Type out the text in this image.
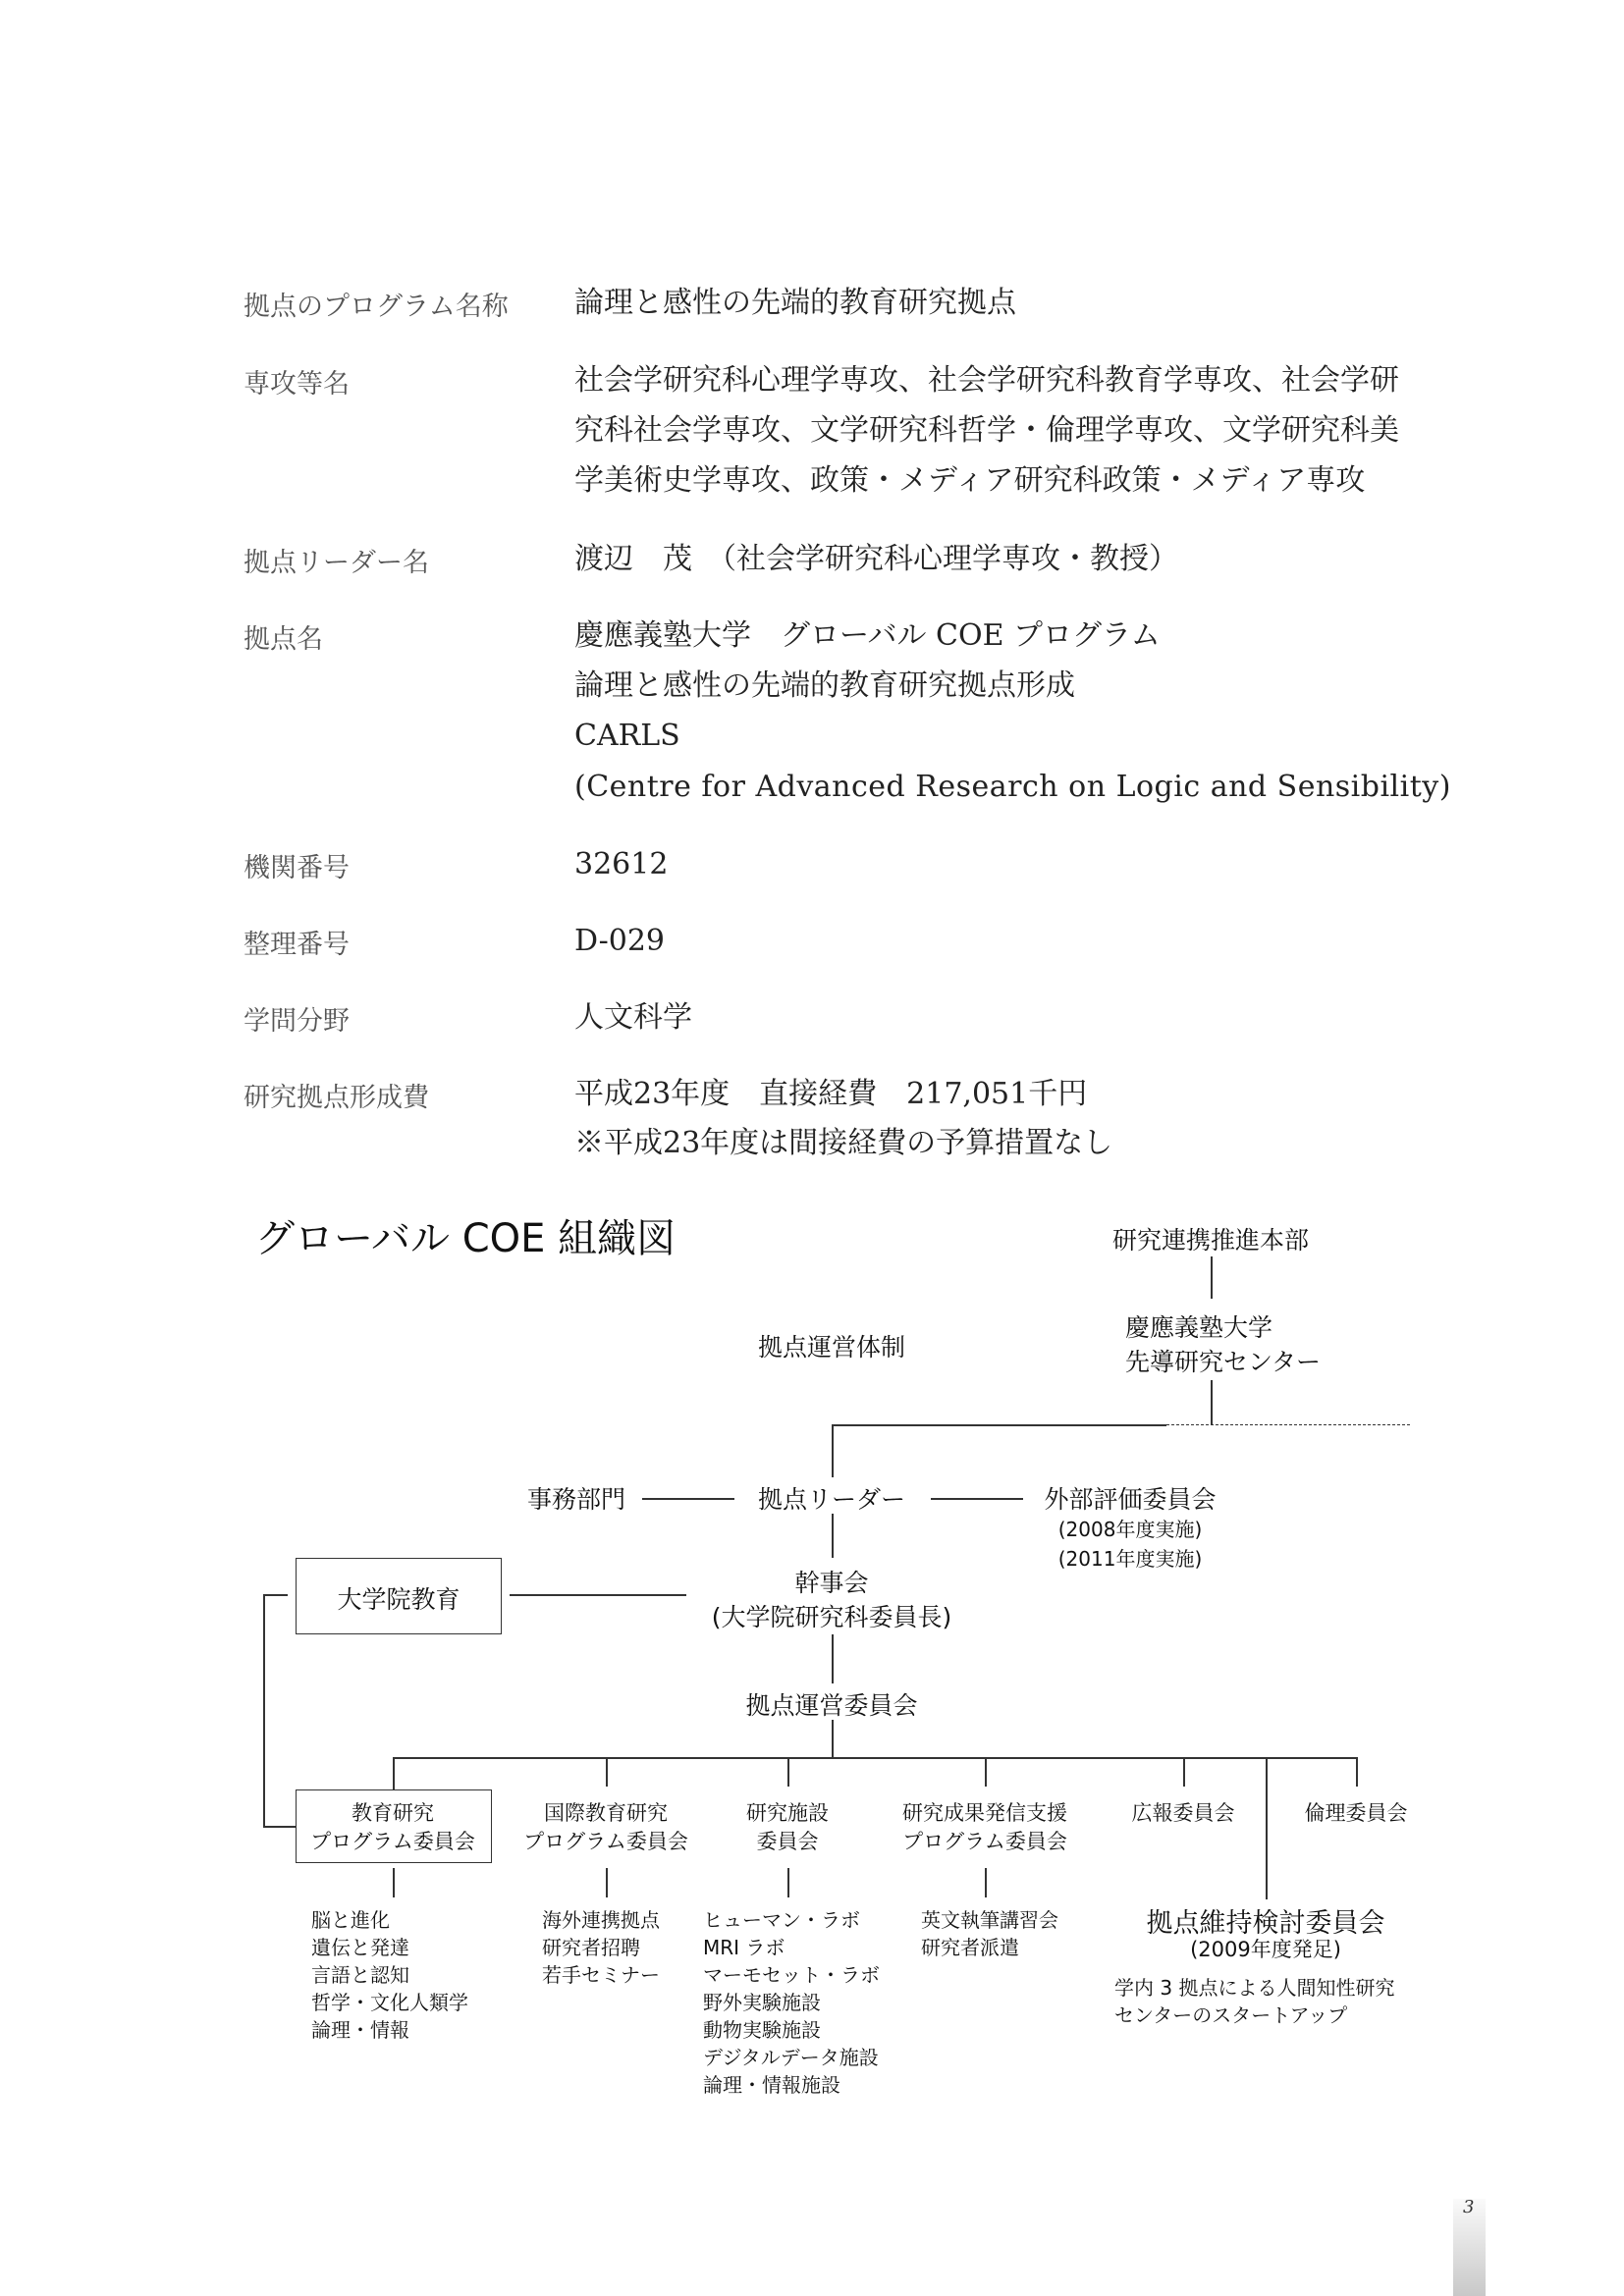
拠点のプログラム名称 論理と感性の先端的教育研究拠点
専攻等名	社会学研究科心理学専攻、社会学研究科教育学専攻、社会学研
究科社会学専攻、文学研究科哲学・倫理学専攻、文学研究科美
学美術史学専攻、政策・メディア研究科政策・メディア専攻
拠点リーダー名	渡辺　茂　（社会学研究科心理学専攻・教授）
拠点名	慶應義塾大学　グローバル COE プログラム
論理と感性の先端的教育研究拠点形成
CARLS
(Centre for Advanced Research on Logic and Sensibility)
機関番号	32612
整理番号	D-029
学問分野	人文科学
研究拠点形成費	平成23年度　直接経費　217,051千円
※平成23年度は間接経費の予算措置なし
グローバル COE 組織図	研究連携推進本部
慶應義塾大学
先導研究センター
拠点運営体制
事務部門	拠点リーダー	外部評価委員会
(2008年度実施)
(2011年度実施)
幹事会
(大学院研究科委員長)
大学院教育
拠点運営委員会
教育研究
プログラム委員会
国際教育研究
プログラム委員会
研究施設
委員会
研究成果発信支援
プログラム委員会
広報委員会	倫理委員会
脳と進化
遺伝と発達
言語と認知
哲学・文化人類学
論理・情報
海外連携拠点
研究者招聘
若手セミナー
ヒューマン・ラボ
MRI ラボ
マーモセット・ラボ
野外実験施設
動物実験施設
デジタルデータ施設
論理・情報施設
英文執筆講習会
研究者派遣
拠点維持検討委員会
(2009年度発足)
学内 3 拠点による人間知性研究
センターのスタートアップ
3
